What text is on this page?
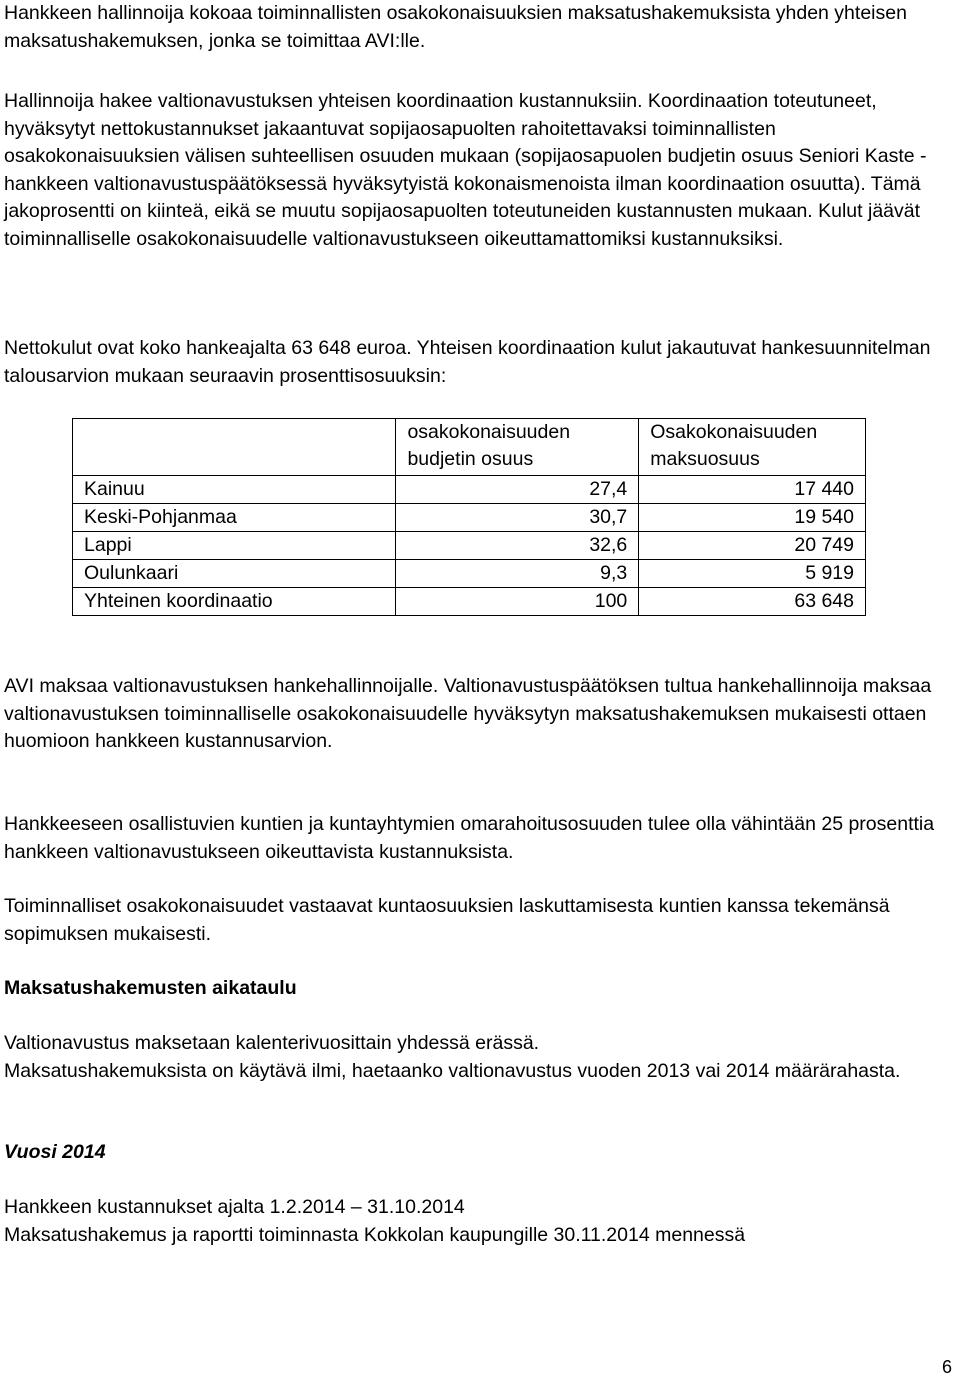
Hankkeen hallinnoija kokoaa toiminnallisten osakokonaisuuksien maksatushakemuksista yhden yhteisen maksatushakemuksen, jonka se toimittaa AVI:lle.

Hallinnoija hakee valtionavustuksen yhteisen koordinaation kustannuksiin. Koordinaation toteutuneet, hyväksytyt nettokustannukset jakaantuvat sopijaosapuolten rahoitettavaksi toiminnallisten osakokonaisuuksien välisen suhteellisen osuuden mukaan (sopijaosapuolen budjetin osuus Seniori Kaste -hankkeen valtionavustuspäätöksessä hyväksytyistä kokonaismenoista ilman koordinaation osuutta). Tämä jakoprosentti on kiinteä, eikä se muutu sopijaosapuolten toteutuneiden kustannusten mukaan. Kulut jäävät toiminnalliselle osakokonaisuudelle valtionavustukseen oikeuttamattomiksi kustannuksiksi.

Nettokulut ovat koko hankeajalta 63 648 euroa. Yhteisen koordinaation kulut jakautuvat hankesuunnitelman talousarvion mukaan seuraavin prosenttisosuuksin:

AVI maksaa valtionavustuksen hankehallinnoijalle. Valtionavustuspäätöksen tultua hankehallinnoija maksaa valtionavustuksen toiminnalliselle osakokonaisuudelle hyväksytyn maksatushakemuksen mukaisesti ottaen huomioon hankkeen kustannusarvion.

Hankkeeseen osallistuvien kuntien ja kuntayhtymien omarahoitusosuuden tulee olla vähintään 25 prosenttia hankkeen valtionavustukseen oikeuttavista kustannuksista.

Toiminnalliset osakokonaisuudet vastaavat kuntaosuuksien laskuttamisesta kuntien kanssa tekemänsä sopimuksen mukaisesti.

Maksatushakemusten aikataulu

Valtionavustus maksetaan kalenterivuosittain yhdessä erässä.
Maksatushakemuksista on käytävä ilmi, haetaanko valtionavustus vuoden 2013 vai 2014 määrärahasta.

Vuosi 2014

Hankkeen kustannukset ajalta 1.2.2014 – 31.10.2014
Maksatushakemus ja raportti toiminnasta Kokkolan kaupungille 30.11.2014 mennessä
	osakokonaisuuden budjetin osuus	Osakokonaisuuden maksuosuus
Kainuu	27,4	17 440
Keski-Pohjanmaa	30,7	19 540
Lappi	32,6	20 749
Oulunkaari	9,3	5 919
Yhteinen koordinaatio	100	63 648
6
